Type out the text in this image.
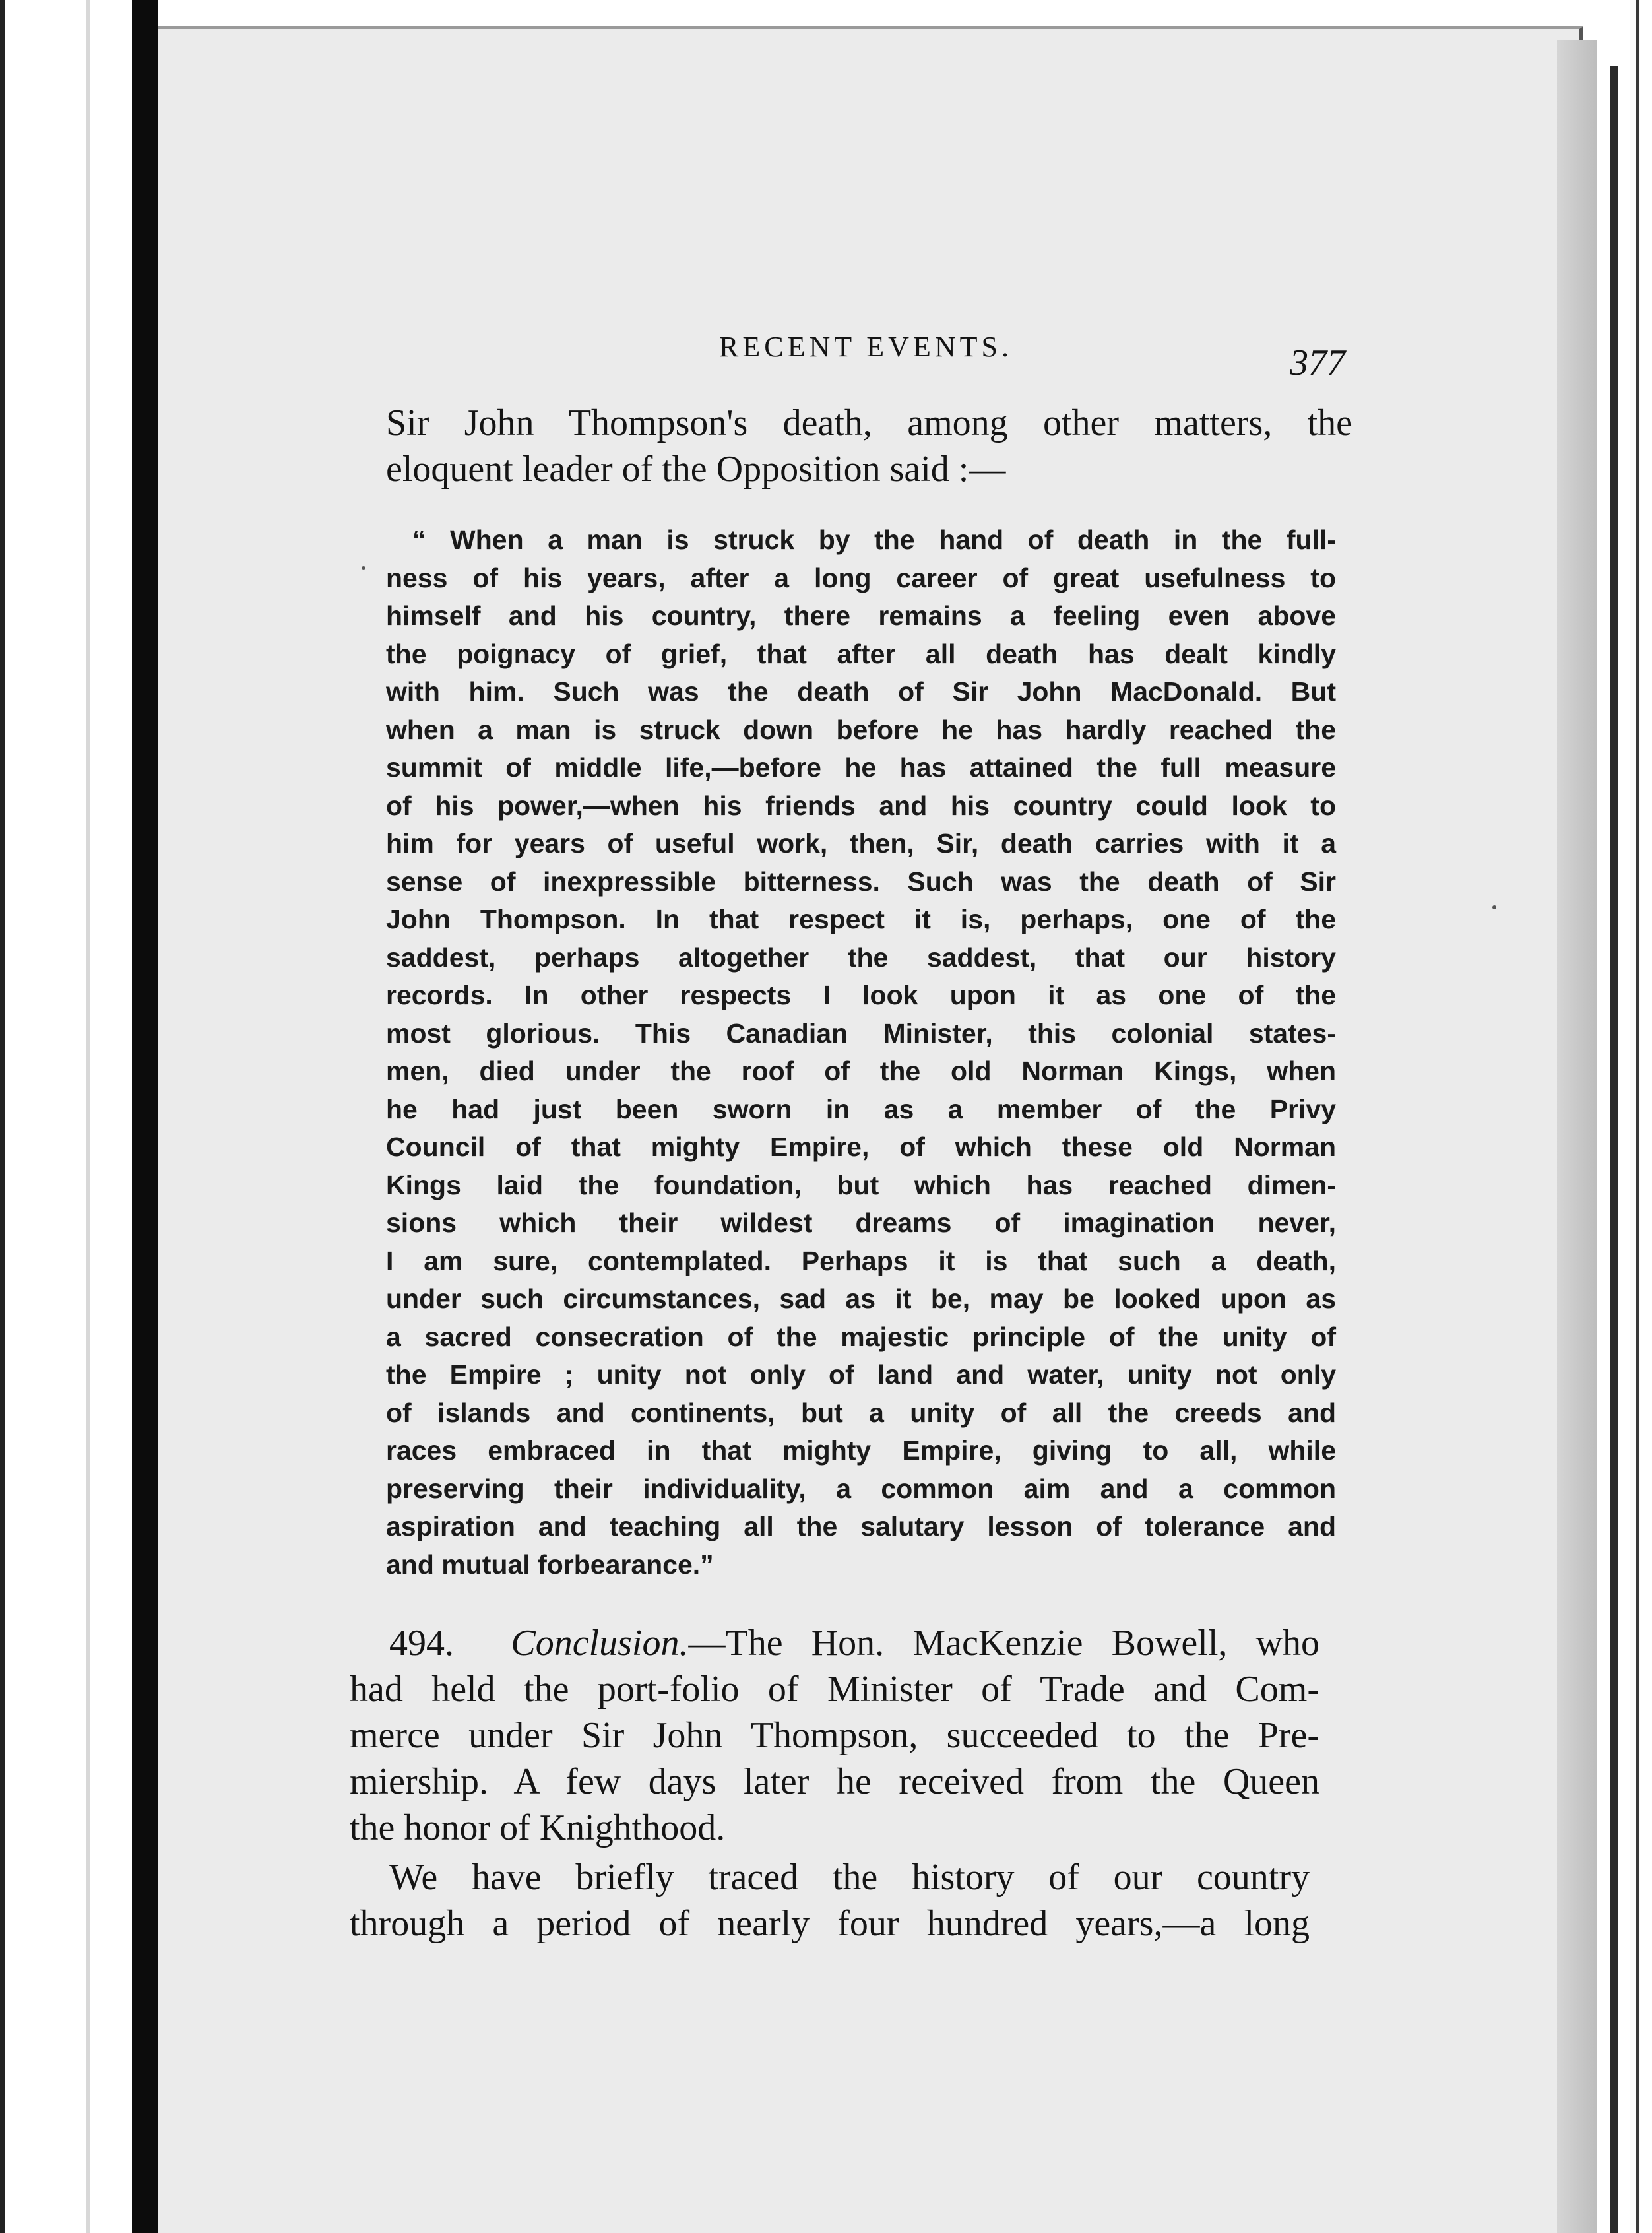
RECENT EVENTS.	377

Sir John Thompson's death, among other matters, the
eloquent leader of the Opposition said :—

“ When a man is struck by the hand of death in the full-
ness of his years, after a long career of great usefulness to
himself and his country, there remains a feeling even above
the poignacy of grief, that after all death has dealt kindly
with him. Such was the death of Sir John MacDonald. But
when a man is struck down before he has hardly reached the
summit of middle life,—before he has attained the full measure
of his power,—when his friends and his country could look to
him for years of useful work, then, Sir, death carries with it a
sense of inexpressible bitterness. Such was the death of Sir
John Thompson. In that respect it is, perhaps, one of the
saddest, perhaps altogether the saddest, that our history
records. In other respects I look upon it as one of the
most glorious. This Canadian Minister, this colonial states-
men, died under the roof of the old Norman Kings, when
he had just been sworn in as a member of the Privy
Council of that mighty Empire, of which these old Norman
Kings laid the foundation, but which has reached dimen-
sions which their wildest dreams of imagination never,
I am sure, contemplated. Perhaps it is that such a death,
under such circumstances, sad as it be, may be looked upon as
a sacred consecration of the majestic principle of the unity of
the Empire ; unity not only of land and water, unity not only
of islands and continents, but a unity of all the creeds and
races embraced in that mighty Empire, giving to all, while
preserving their individuality, a common aim and a common
aspiration and teaching all the salutary lesson of tolerance and
and mutual forbearance.”

494. Conclusion.—The Hon. MacKenzie Bowell, who
had held the port-folio of Minister of Trade and Com-
merce under Sir John Thompson, succeeded to the Pre-
miership. A few days later he received from the Queen
the honor of Knighthood.

We have briefly traced the history of our country
through a period of nearly four hundred years,—a long
